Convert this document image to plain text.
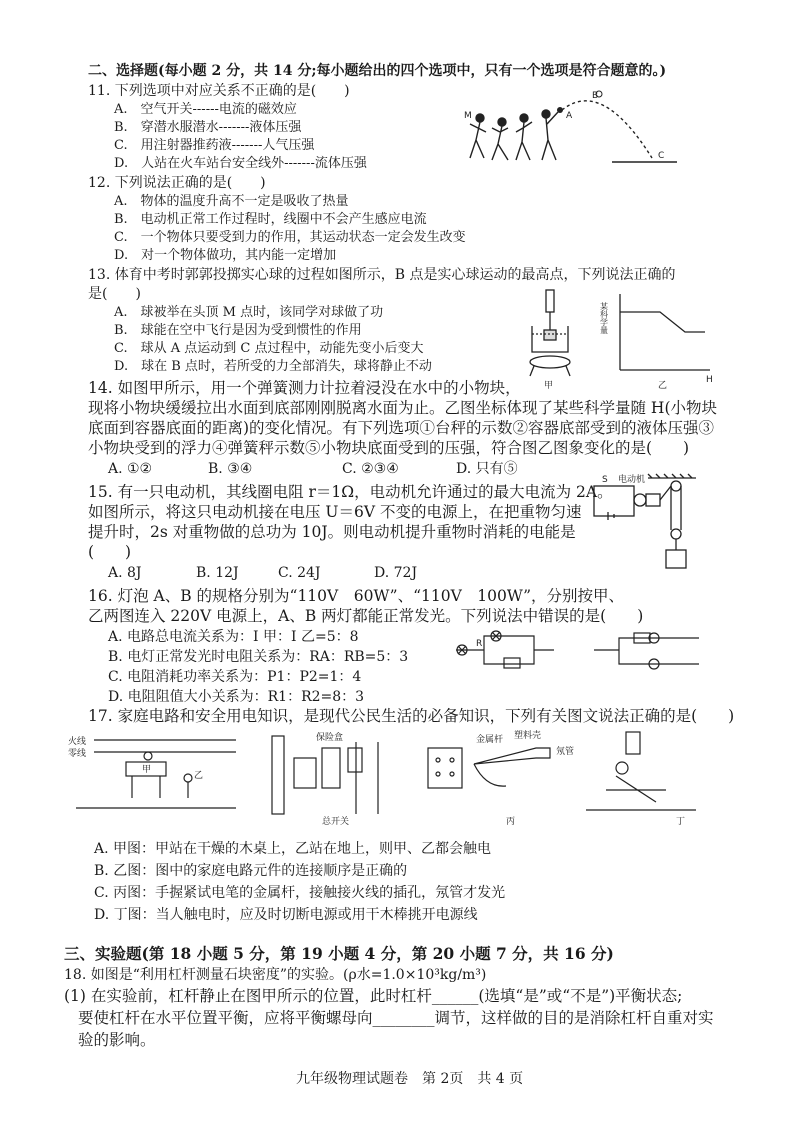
二、选择题(每小题 2 分，共 14 分;每小题给出的四个选项中，只有一个选项是符合题意的。)
11. 下列选项中对应关系不正确的是(　　)
A.　空气开关------电流的磁效应
B.　穿潜水服潜水-------液体压强
C.　用注射器推药液-------人气压强
D.　人站在火车站台安全线外-------流体压强
M	A
B
C
12. 下列说法正确的是(　　)
A.　物体的温度升高不一定是吸收了热量
B.　电动机正常工作过程时，线圈中不会产生感应电流
C.　一个物体只要受到力的作用，其运动状态一定会发生改变
D.　对一个物体做功，其内能一定增加
13. 体育中考时郭郭投掷实心球的过程如图所示，B 点是实心球运动的最高点，下列说法正确的
是(　　)
A.　球被举在头顶 M 点时，该同学对球做了功
B.　球能在空中飞行是因为受到惯性的作用
C.　球从 A 点运动到 C 点过程中，动能先变小后变大
D.　球在 B 点时，若所受的力全部消失，球将静止不动
某科学量
H
甲	乙
14. 如图甲所示，用一个弹簧测力计拉着浸没在水中的小物块，
现将小物块缓缓拉出水面到底部刚刚脱离水面为止。乙图坐标体现了某些科学量随 H(小物块
底面到容器底面的距离)的变化情况。有下列选项①台秤的示数②容器底部受到的液体压强③
小物块受到的浮力④弹簧秤示数⑤小物块底面受到的压强，符合图乙图象变化的是(　　)
A. ①②	B. ③④	C. ②③④	D. 只有⑤
15. 有一只电动机，其线圈电阻 r＝1Ω，电动机允许通过的最大电流为 2A。
如图所示，将这只电动机接在电压 U＝6V 不变的电源上，在把重物匀速
提升时，2s 对重物做的总功为 10J。则电动机提升重物时消耗的电能是
(　　)
A. 8J	B. 12J	C. 24J	D. 72J
S 电动机
16. 灯泡 A、B 的规格分别为“110V　60W”、“110V　100W”，分别按甲、
乙两图连入 220V 电源上，A、B 两灯都能正常发光。下列说法中错误的是(　　)
A. 电路总电流关系为：I 甲：I 乙=5：8
B. 电灯正常发光时电阻关系为：RA：RB=5：3
C. 电阻消耗功率关系为：P1：P2=1：4
D. 电阻阻值大小关系为：R1：R2=8：3
R
17. 家庭电路和安全用电知识，是现代公民生活的必备知识，下列有关图文说法正确的是(　　)
火线
零线
甲
乙
保险盒
总开关
金属杆 塑料壳
氖管
丙	丁
A. 甲图：甲站在干燥的木桌上，乙站在地上，则甲、乙都会触电
B. 乙图：图中的家庭电路元件的连接顺序是正确的
C. 丙图：手握紧试电笔的金属杆，接触接火线的插孔，氖管才发光
D. 丁图：当人触电时，应及时切断电源或用干木棒挑开电源线
三、实验题(第 18 小题 5 分，第 19 小题 4 分，第 20 小题 7 分，共 16 分)
18. 如图是“利用杠杆测量石块密度”的实验。(ρ水=1.0×10³kg/m³)
(1) 在实验前，杠杆静止在图甲所示的位置，此时杠杆______(选填“是”或“不是”)平衡状态;
要使杠杆在水平位置平衡，应将平衡螺母向________调节，这样做的目的是消除杠杆自重对实
验的影响。
九年级物理试题卷　第 2页　共 4 页
